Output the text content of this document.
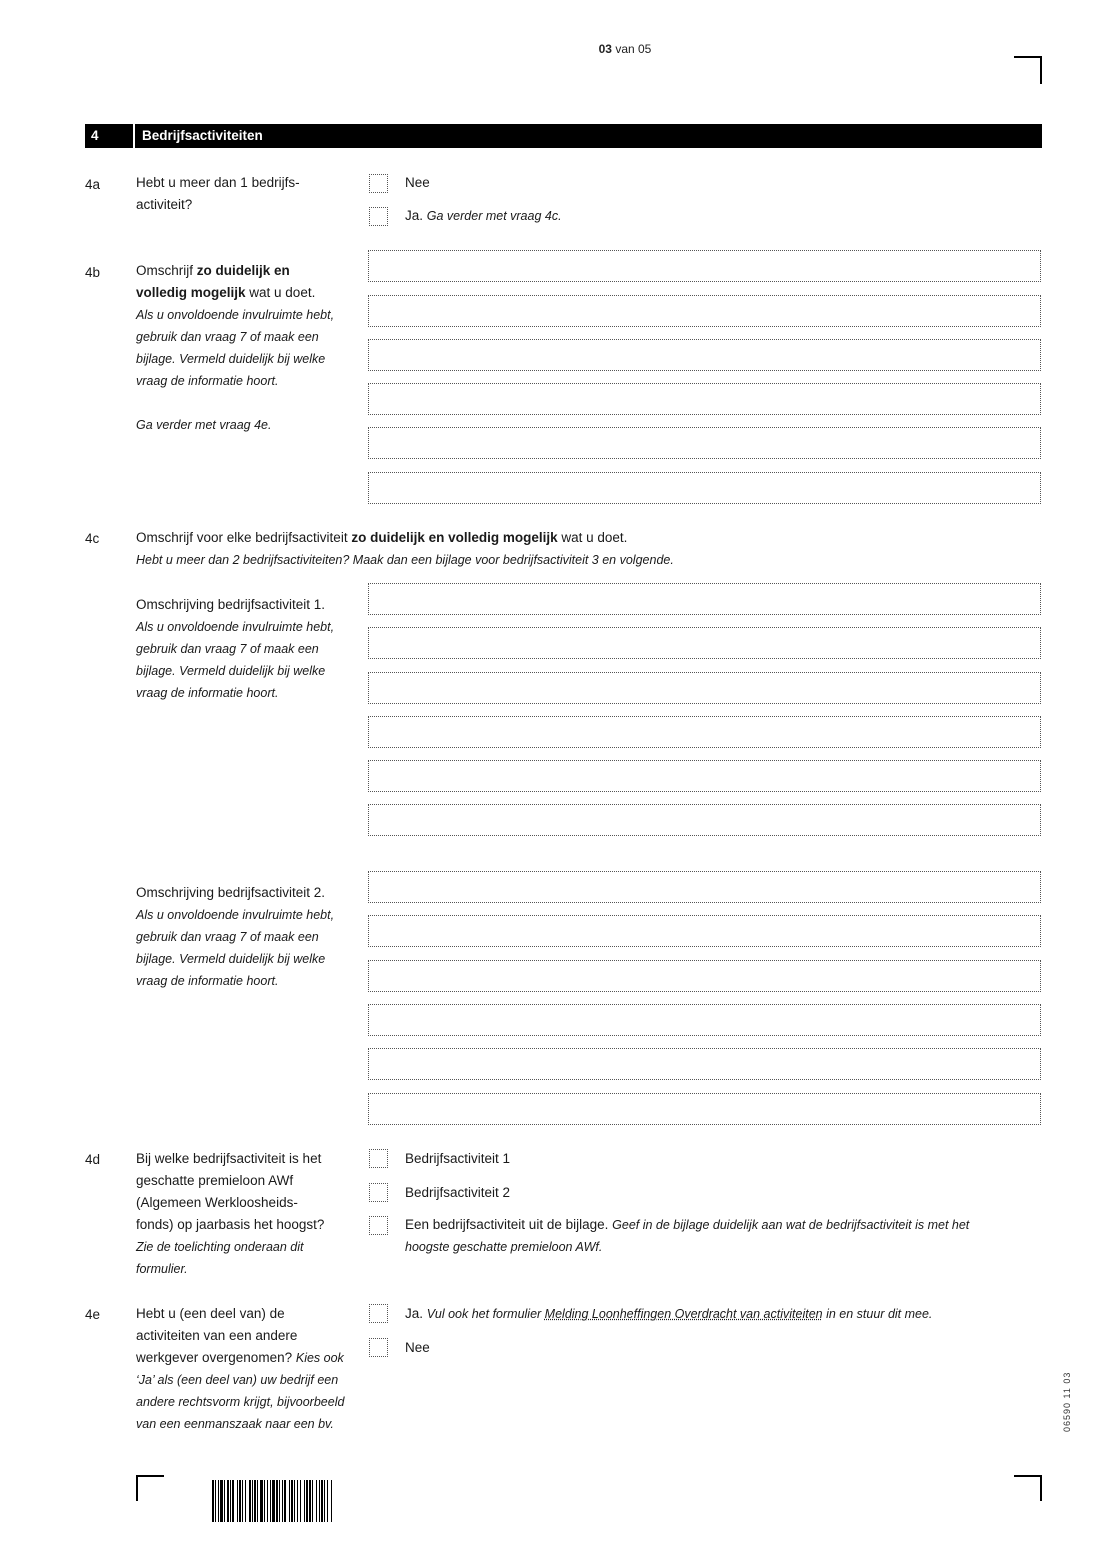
03 van 05
4	Bedrijfsactiviteiten
4a	Hebt u meer dan 1 bedrijfs-
activiteit?
Nee
Ja. Ga verder met vraag 4c.
4b	Omschrijf zo duidelijk en
volledig mogelijk wat u doet.
Als u onvoldoende invulruimte hebt,
gebruik dan vraag 7 of maak een
bijlage. Vermeld duidelijk bij welke
vraag de informatie hoort.
Ga verder met vraag 4e.
4c	Omschrijf voor elke bedrijfsactiviteit zo duidelijk en volledig mogelijk wat u doet.
Hebt u meer dan 2 bedrijfsactiviteiten? Maak dan een bijlage voor bedrijfsactiviteit 3 en volgende.
Omschrijving bedrijfsactiviteit 1.
Als u onvoldoende invulruimte hebt,
gebruik dan vraag 7 of maak een
bijlage. Vermeld duidelijk bij welke
vraag de informatie hoort.
Omschrijving bedrijfsactiviteit 2.
Als u onvoldoende invulruimte hebt,
gebruik dan vraag 7 of maak een
bijlage. Vermeld duidelijk bij welke
vraag de informatie hoort.
4d	Bij welke bedrijfsactiviteit is het
geschatte premieloon AWf
(Algemeen Werkloosheids-
fonds) op jaarbasis het hoogst?
Zie de toelichting onderaan dit
formulier.
Bedrijfsactiviteit 1
Bedrijfsactiviteit 2
Een bedrijfsactiviteit uit de bijlage. Geef in de bijlage duidelijk aan wat de bedrijfsactiviteit is met het
hoogste geschatte premieloon AWf.
4e	Hebt u (een deel van) de
activiteiten van een andere
werkgever overgenomen? Kies ook
‘Ja’ als (een deel van) uw bedrijf een
andere rechtsvorm krijgt, bijvoorbeeld
van een eenmanszaak naar een bv.
Ja. Vul ook het formulier Melding Loonheffingen Overdracht van activiteiten in en stuur dit mee.
Nee
06590 11 03
